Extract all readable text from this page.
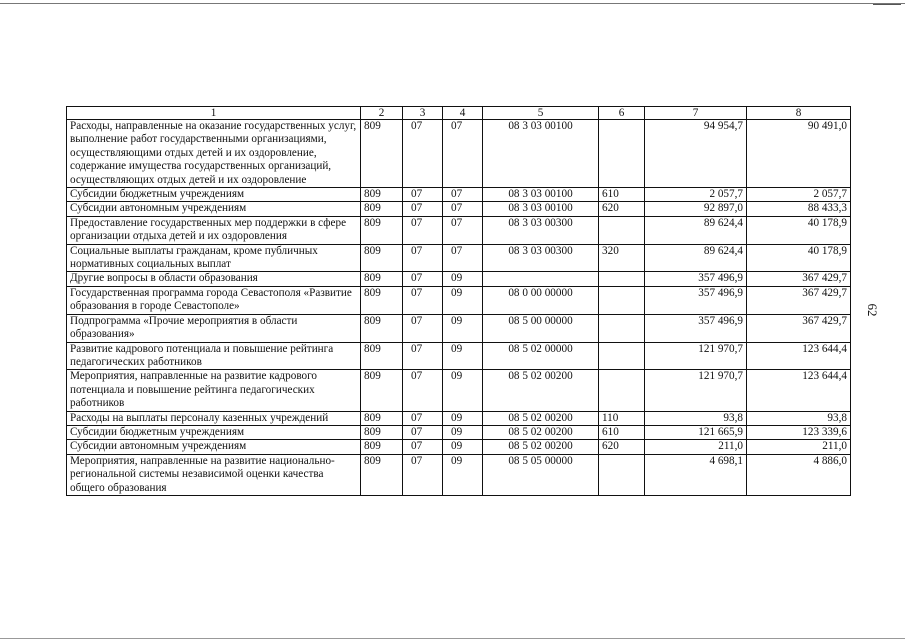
62
1	2	3	4	5	6	7	8
Расходы, направленные на оказание государственных услуг, выполнение работ государственными организациями, осуществляющими отдых детей и их оздоровление, содержание имущества государственных организаций, осуществляющих отдых детей и их оздоровление	809	07	07	08 3 03 00100		94 954,7	90 491,0
Субсидии бюджетным учреждениям	809	07	07	08 3 03 00100	610	2 057,7	2 057,7
Субсидии автономным учреждениям	809	07	07	08 3 03 00100	620	92 897,0	88 433,3
Предоставление государственных мер поддержки в сфере организации отдыха детей и их оздоровления	809	07	07	08 3 03 00300		89 624,4	40 178,9
Социальные выплаты гражданам, кроме публичных нормативных социальных выплат	809	07	07	08 3 03 00300	320	89 624,4	40 178,9
Другие вопросы в области образования	809	07	09			357 496,9	367 429,7
Государственная программа города Севастополя «Развитие образования в городе Севастополе»	809	07	09	08 0 00 00000		357 496,9	367 429,7
Подпрограмма «Прочие мероприятия в области образования»	809	07	09	08 5 00 00000		357 496,9	367 429,7
Развитие кадрового потенциала и повышение рейтинга педагогических работников	809	07	09	08 5 02 00000		121 970,7	123 644,4
Мероприятия, направленные на развитие кадрового потенциала и повышение рейтинга педагогических работников	809	07	09	08 5 02 00200		121 970,7	123 644,4
Расходы на выплаты персоналу казенных учреждений	809	07	09	08 5 02 00200	110	93,8	93,8
Субсидии бюджетным учреждениям	809	07	09	08 5 02 00200	610	121 665,9	123 339,6
Субсидии автономным учреждениям	809	07	09	08 5 02 00200	620	211,0	211,0
Мероприятия, направленные на развитие национально-региональной системы независимой оценки качества общего образования	809	07	09	08 5 05 00000		4 698,1	4 886,0
